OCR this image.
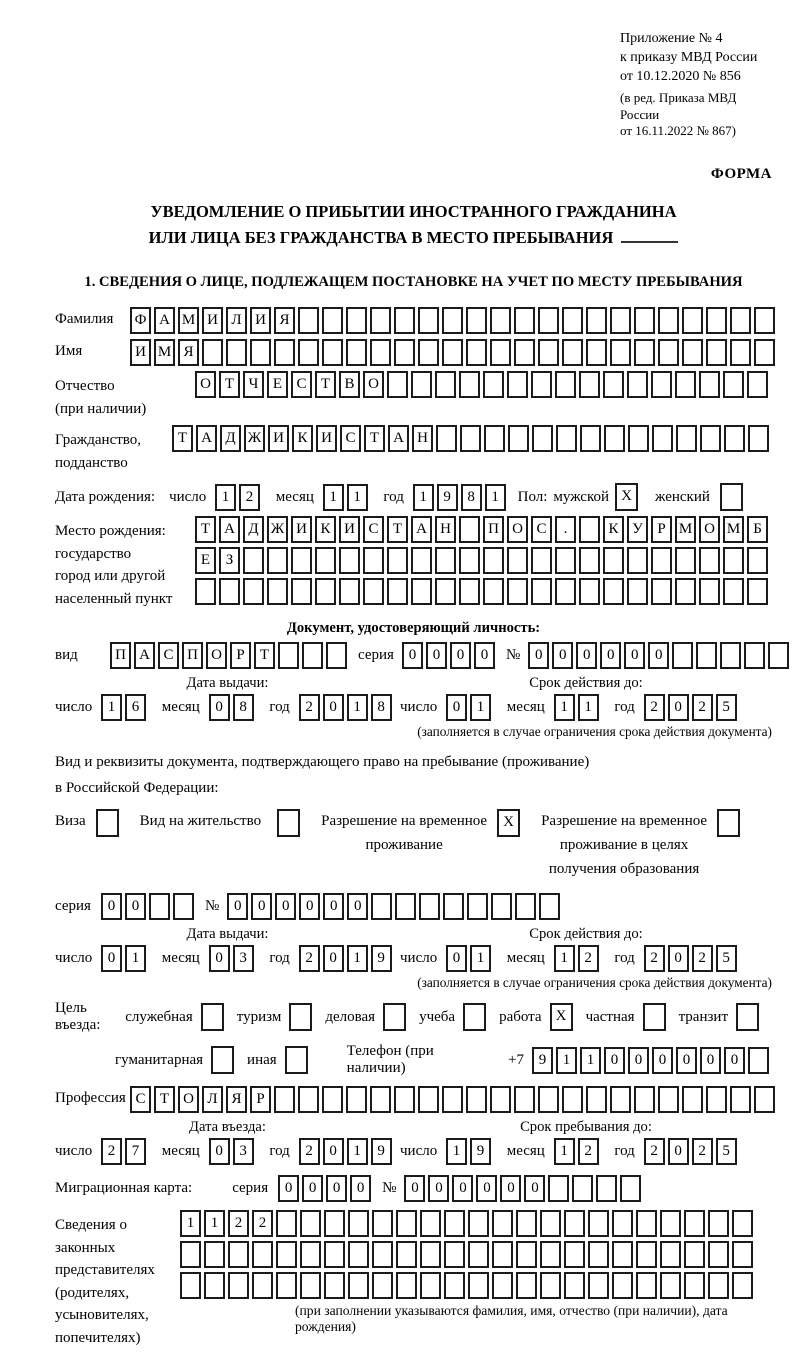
Приложение № 4
к приказу МВД России
от 10.12.2020 № 856
(в ред. Приказа МВД России
от 16.11.2022 № 867)
ФОРМА
УВЕДОМЛЕНИЕ О ПРИБЫТИИ ИНОСТРАННОГО ГРАЖДАНИНА
ИЛИ ЛИЦА БЕЗ ГРАЖДАНСТВА В МЕСТО ПРЕБЫВАНИЯ
1. СВЕДЕНИЯ О ЛИЦЕ, ПОДЛЕЖАЩЕМ ПОСТАНОВКЕ НА УЧЕТ ПО МЕСТУ ПРЕБЫВАНИЯ
Фамилия	Ф А М И Л И Я
Имя	И М Я
Отчество
(при наличии)
О Т Ч Е С Т В О
Гражданство,
подданство
Т А Д Ж И К И С Т А Н
Дата рождения: число 1 2 месяц 1 1 год 1 9 8 1	Пол: мужской X	женский
Место рождения:
государство
город или другой
населенный пункт
Т А Д Ж И К И С Т А Н П О С .	К У Р М О М Б
Е З
Документ, удостоверяющий личность:
вид	П А С П О Р Т	серия 0 0 0 0	№ 0 0 0 0 0 0
Дата выдачи:
число 1 6 месяц 0 8 год 2 0 1 8
Срок действия до:
число 0 1 месяц 1 1 год 2 0 2 5
(заполняется в случае ограничения срока действия документа)
Вид и реквизиты документа, подтверждающего право на пребывание (проживание)
в Российской Федерации:
Виза	Вид на жительство	Разрешение на временное
проживание
X	Разрешение на временное
проживание в целях
получения образования
серия	0 0	№ 0 0 0 0 0 0
Дата выдачи:
число 0 1 месяц 0 3 год 2 0 1 9
Срок действия до:
число 0 1 месяц 1 2 год 2 0 2 5
(заполняется в случае ограничения срока действия документа)
Цель въезда:
служебная	туризм	деловая	учеба	работа X	частная	транзит
гуманитарная	иная
Телефон (при наличии)
+7 9 1 1 0 0 0 0 0 0
Профессия С Т О Л Я Р
Дата въезда:
число 2 7 месяц 0 3 год 2 0 1 9
Срок пребывания до:
число 1 9 месяц 1 2 год 2 0 2 5
Миграционная карта:	серия	0 0 0 0	№ 0 0 0 0 0 0
Сведения о
законных
представителях
(родителях,
усыновителях,
попечителях)
1 1 2 2
(при заполнении указываются фамилия, имя, отчество (при наличии), дата рождения)
